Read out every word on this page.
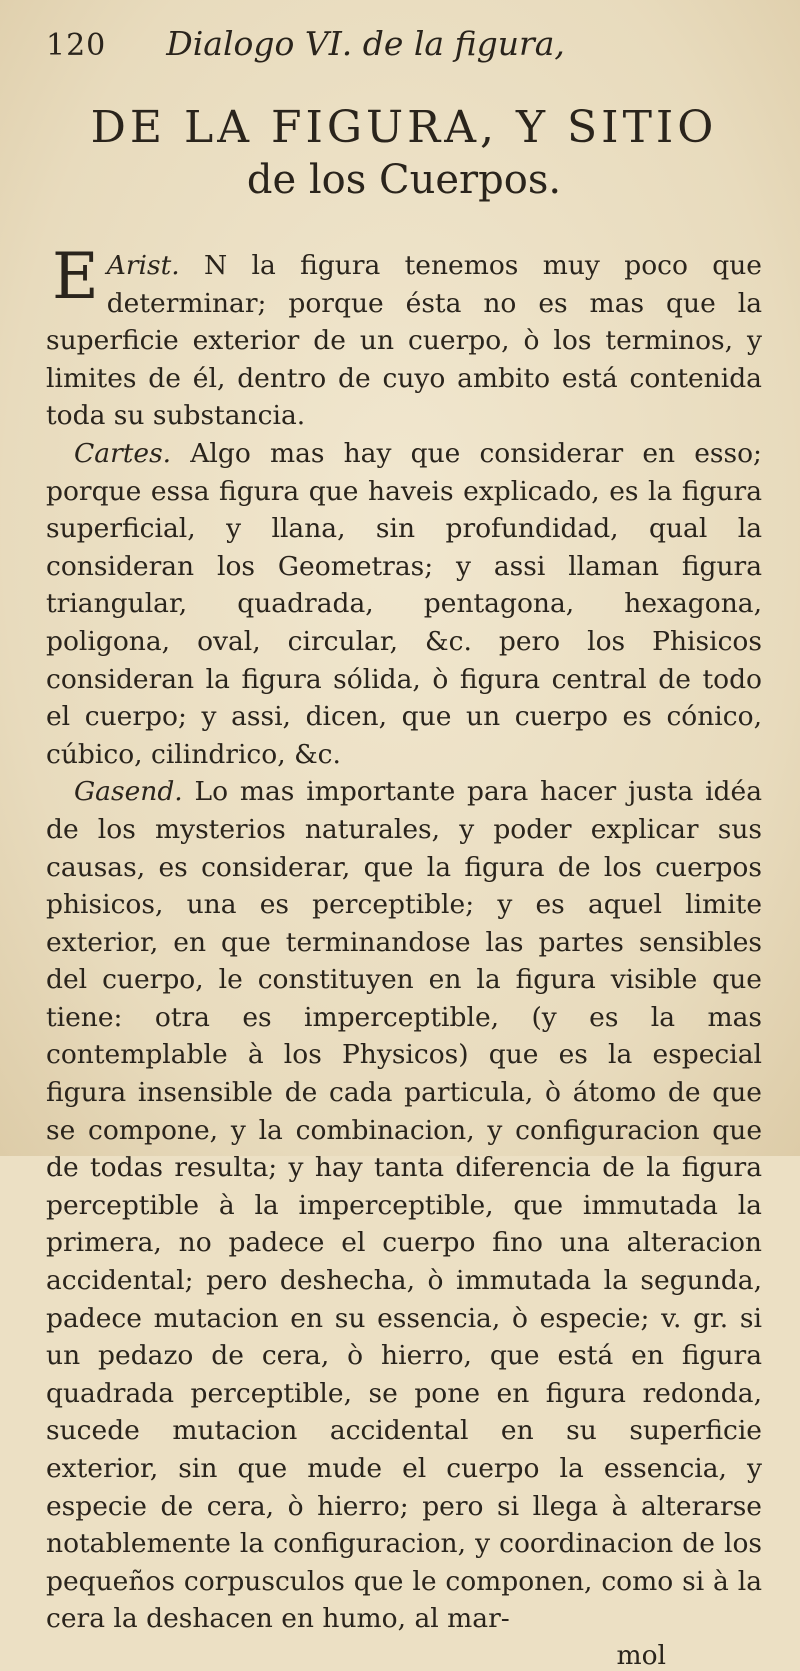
120 Dialogo VI. de la figura,
DE LA FIGURA, Y SITIO
de los Cuerpos.

Arist.
E	N la figura tenemos muy poco que determinar; porque ésta no es mas que la superficie exterior de un cuerpo, ò los terminos, y limites de él, dentro de cuyo ambito está contenida toda su substancia.

Cartes. Algo mas hay que considerar en esso; porque essa figura que haveis explicado, es la figura superficial, y llana, sin profundidad, qual la consideran los Geometras; y assi llaman figura triangular, quadrada, pentagona, hexagona, poligona, oval, circular, &c. pero los Phisicos consideran la figura sólida, ò figura central de todo el cuerpo; y assi, dicen, que un cuerpo es cónico, cúbico, cilindrico, &c.

Gasend. Lo mas importante para hacer justa idéa de los mysterios naturales, y poder explicar sus causas, es considerar, que la figura de los cuerpos phisicos, una es perceptible; y es aquel limite exterior, en que terminandose las partes sensibles del cuerpo, le constituyen en la figura visible que tiene: otra es imperceptible, (y es la mas contemplable à los Physicos) que es la especial figura insensible de cada particula, ò átomo de que se compone, y la combinacion, y configuracion que de todas resulta; y hay tanta diferencia de la figura perceptible à la imperceptible, que immutada la primera, no padece el cuerpo fino una alteracion accidental; pero deshecha, ò immutada la segunda, padece mutacion en su essencia, ò especie; v. gr. si un pedazo de cera, ò hierro, que está en figura quadrada perceptible, se pone en figura redonda, sucede mutacion accidental en su superficie exterior, sin que mude el cuerpo la essencia, y especie de cera, ò hierro; pero si llega à alterarse notablemente la configuracion, y coordinacion de los pequeños corpusculos que le componen, como si à la cera la deshacen en humo, al mar-

mol
